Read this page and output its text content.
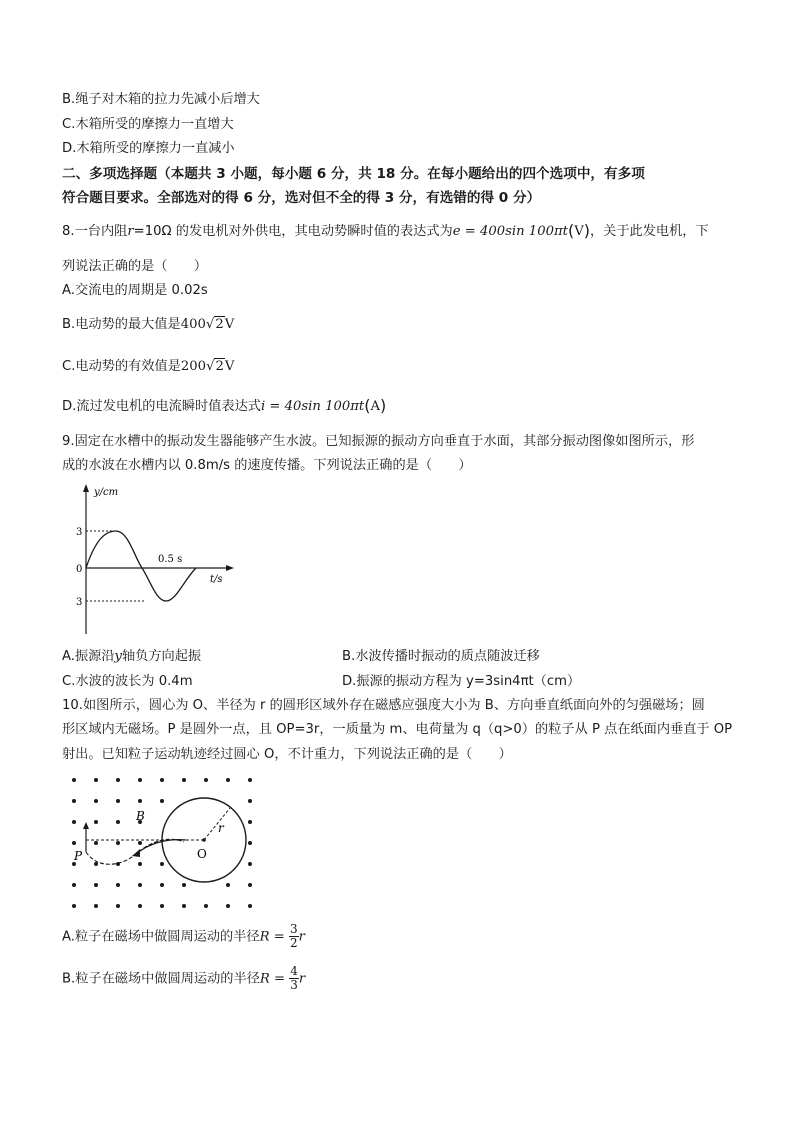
B.绳子对木箱的拉力先减小后增大
C.木箱所受的摩擦力一直增大
D.木箱所受的摩擦力一直减小
二、多项选择题（本题共 3 小题，每小题 6 分，共 18 分。在每小题给出的四个选项中，有多项
符合题目要求。全部选对的得 6 分，选对但不全的得 3 分，有选错的得 0 分）
8.一台内阻r=10Ω 的发电机对外供电，其电动势瞬时值的表达式为e = 400sin 100πt(V)，关于此发电机，下
列说法正确的是（　　）
A.交流电的周期是 0.02s
B.电动势的最大值是400√2V
C.电动势的有效值是200√2V
D.流过发电机的电流瞬时值表达式i = 40sin 100πt(A)
9.固定在水槽中的振动发生器能够产生水波。已知振源的振动方向垂直于水面，其部分振动图像如图所示，形
成的水波在水槽内以 0.8m/s 的速度传播。下列说法正确的是（　　）
y/cm
t/s
3
0
3
0.5 s
A.振源沿y轴负方向起振	B.水波传播时振动的质点随波迁移
C.水波的波长为 0.4m	D.振源的振动方程为 y=3sin4πt（cm）
10.如图所示，圆心为 O、半径为 r 的圆形区域外存在磁感应强度大小为 B、方向垂直纸面向外的匀强磁场；圆
形区域内无磁场。P 是圆外一点，且 OP=3r，一质量为 m、电荷量为 q（q>0）的粒子从 P 点在纸面内垂直于 OP
射出。已知粒子运动轨迹经过圆心 O，不计重力，下列说法正确的是（　　）
B
P	O
r
A.粒子在磁场中做圆周运动的半径$R = \frac{3}{2}$ r
B.粒子在磁场中做圆周运动的半径$R = \frac{4}{3}$ r
